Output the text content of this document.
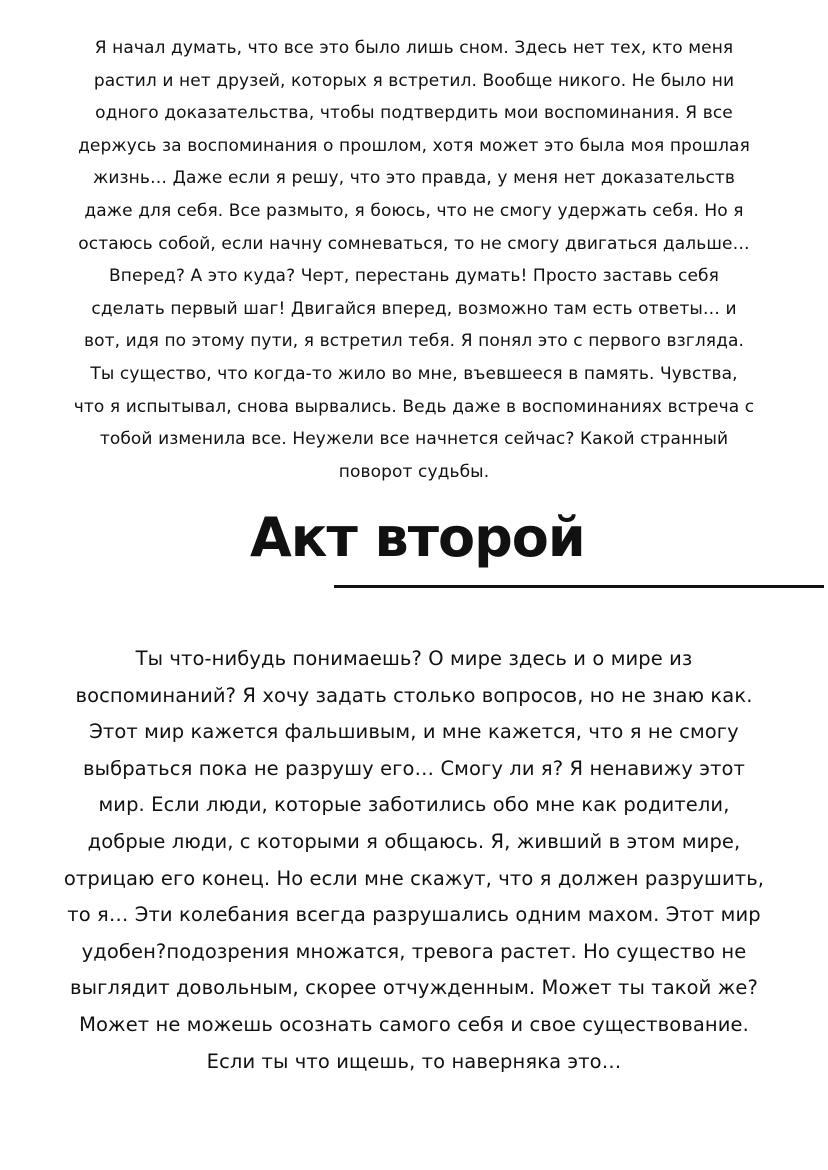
Я начал думать, что все это было лишь сном. Здесь нет тех, кто меня
растил и нет друзей, которых я встретил. Вообще никого. Не было ни
одного доказательства, чтобы подтвердить мои воспоминания. Я все
держусь за воспоминания о прошлом, хотя может это была моя прошлая
жизнь… Даже если я решу, что это правда, у меня нет доказательств
даже для себя. Все размыто, я боюсь, что не смогу удержать себя. Но я
остаюсь собой, если начну сомневаться, то не смогу двигаться дальше…
Вперед? А это куда? Черт, перестань думать! Просто заставь себя
сделать первый шаг! Двигайся вперед, возможно там есть ответы… и
вот, идя по этому пути, я встретил тебя. Я понял это с первого взгляда.
Ты существо, что когда-то жило во мне, въевшееся в память. Чувства,
что я испытывал, снова вырвались. Ведь даже в воспоминаниях встреча с
тобой изменила все. Неужели все начнется сейчас? Какой странный
поворот судьбы.

Акт второй

Ты что-нибудь понимаешь? О мире здесь и о мире из
воспоминаний? Я хочу задать столько вопросов, но не знаю как.
Этот мир кажется фальшивым, и мне кажется, что я не смогу
выбраться пока не разрушу его… Смогу ли я? Я ненавижу этот
мир. Если люди, которые заботились обо мне как родители,
добрые люди, с которыми я общаюсь. Я, живший в этом мире,
отрицаю его конец. Но если мне скажут, что я должен разрушить,
то я… Эти колебания всегда разрушались одним махом. Этот мир
удобен?подозрения множатся, тревога растет. Но существо не
выглядит довольным, скорее отчужденным. Может ты такой же?
Может не можешь осознать самого себя и свое существование.
Если ты что ищешь, то наверняка это…
